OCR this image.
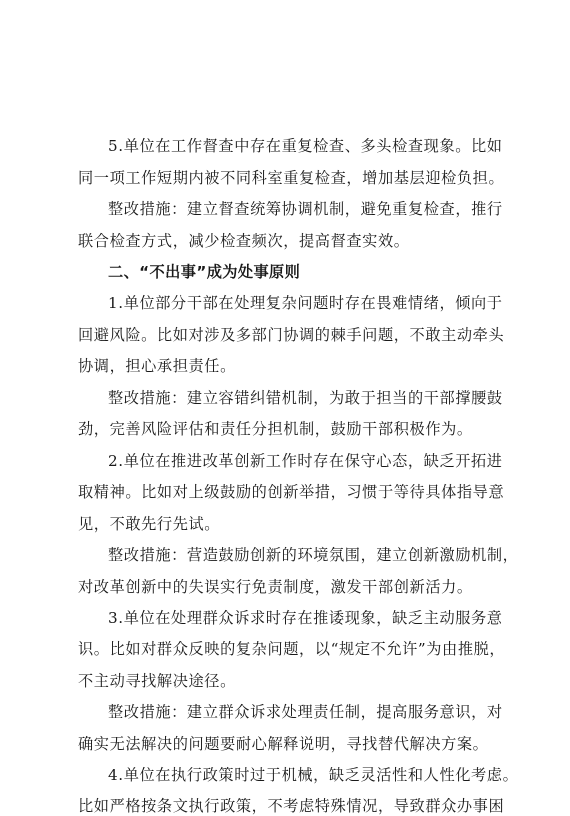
5.单位在工作督查中存在重复检查、多头检查现象。比如
同一项工作短期内被不同科室重复检查，增加基层迎检负担。
整改措施：建立督查统筹协调机制，避免重复检查，推行
联合检查方式，减少检查频次，提高督查实效。
二、“不出事”成为处事原则
1.单位部分干部在处理复杂问题时存在畏难情绪，倾向于
回避风险。比如对涉及多部门协调的棘手问题，不敢主动牵头
协调，担心承担责任。
整改措施：建立容错纠错机制，为敢于担当的干部撑腰鼓
劲，完善风险评估和责任分担机制，鼓励干部积极作为。
2.单位在推进改革创新工作时存在保守心态，缺乏开拓进
取精神。比如对上级鼓励的创新举措，习惯于等待具体指导意
见，不敢先行先试。
整改措施：营造鼓励创新的环境氛围，建立创新激励机制，
对改革创新中的失误实行免责制度，激发干部创新活力。
3.单位在处理群众诉求时存在推诿现象，缺乏主动服务意
识。比如对群众反映的复杂问题，以“规定不允许”为由推脱，
不主动寻找解决途径。
整改措施：建立群众诉求处理责任制，提高服务意识，对
确实无法解决的问题要耐心解释说明，寻找替代解决方案。
4.单位在执行政策时过于机械，缺乏灵活性和人性化考虑。
比如严格按条文执行政策，不考虑特殊情况，导致群众办事困
